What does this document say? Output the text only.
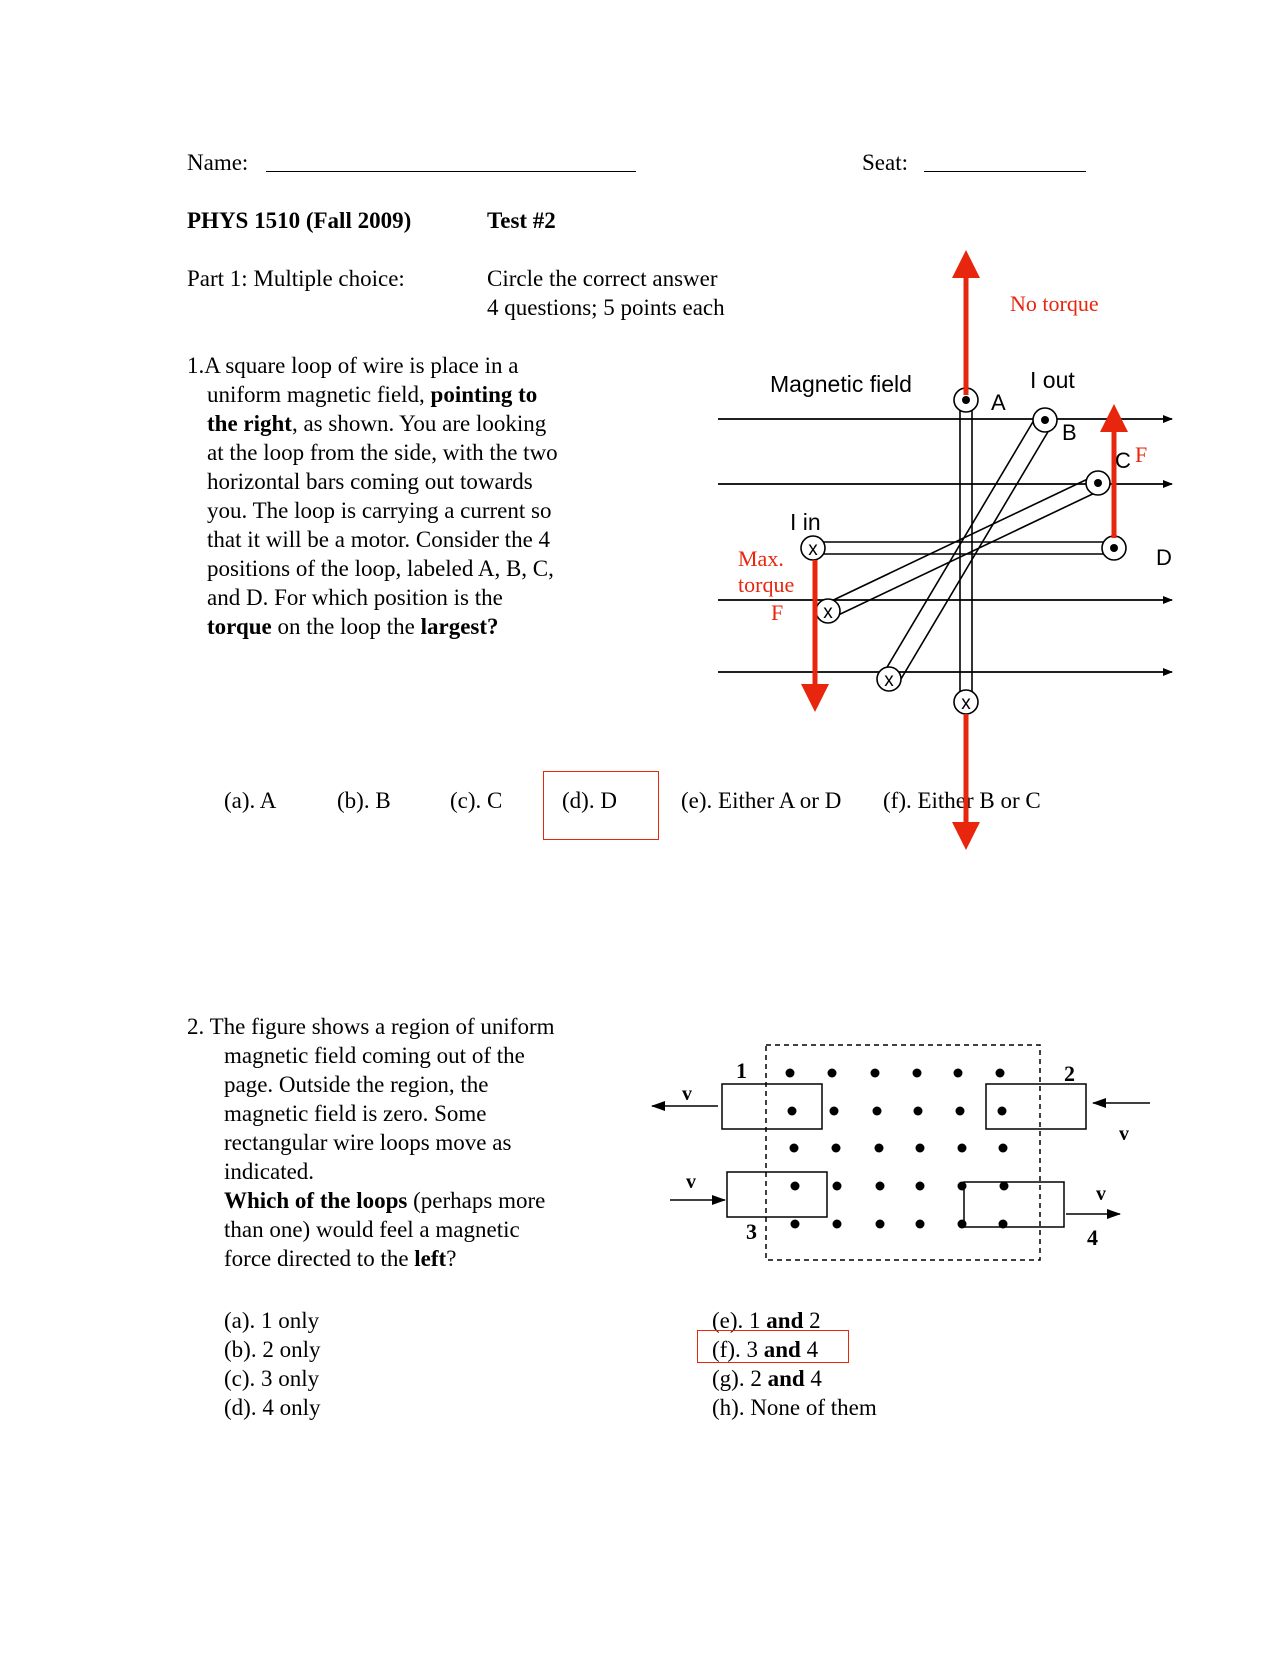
Name:	Seat:
PHYS 1510 (Fall 2009)	Test #2
Part 1: Multiple choice:	Circle the correct answer
4 questions; 5 points each
1.A square loop of wire is place in a
uniform magnetic field, pointing to
the right, as shown. You are looking
at the loop from the side, with the two
horizontal bars coming out towards
you. The loop is carrying a current so
that it will be a motor. Consider the 4
positions of the loop, labeled A, B, C,
and D. For which position is the
torque on the loop the largest?
x
x
x
x
Magnetic field	I out
I in
A
B
C
D
F
No torque
Max.
torque
F
(a). A	(b). B	(c). C	(d). D	(e). Either A or D (f). Either B or C
2. The figure shows a region of uniform
magnetic field coming out of the
page. Outside the region, the
magnetic field is zero. Some
rectangular wire loops move as
indicated.
Which of the loops (perhaps more
than one) would feel a magnetic
force directed to the left?
1	2
3	4
v
v
v
v
(a). 1 only
(b). 2 only
(c). 3 only
(d). 4 only
(e). 1 and 2
(f). 3 and 4
(g). 2 and 4
(h). None of them
